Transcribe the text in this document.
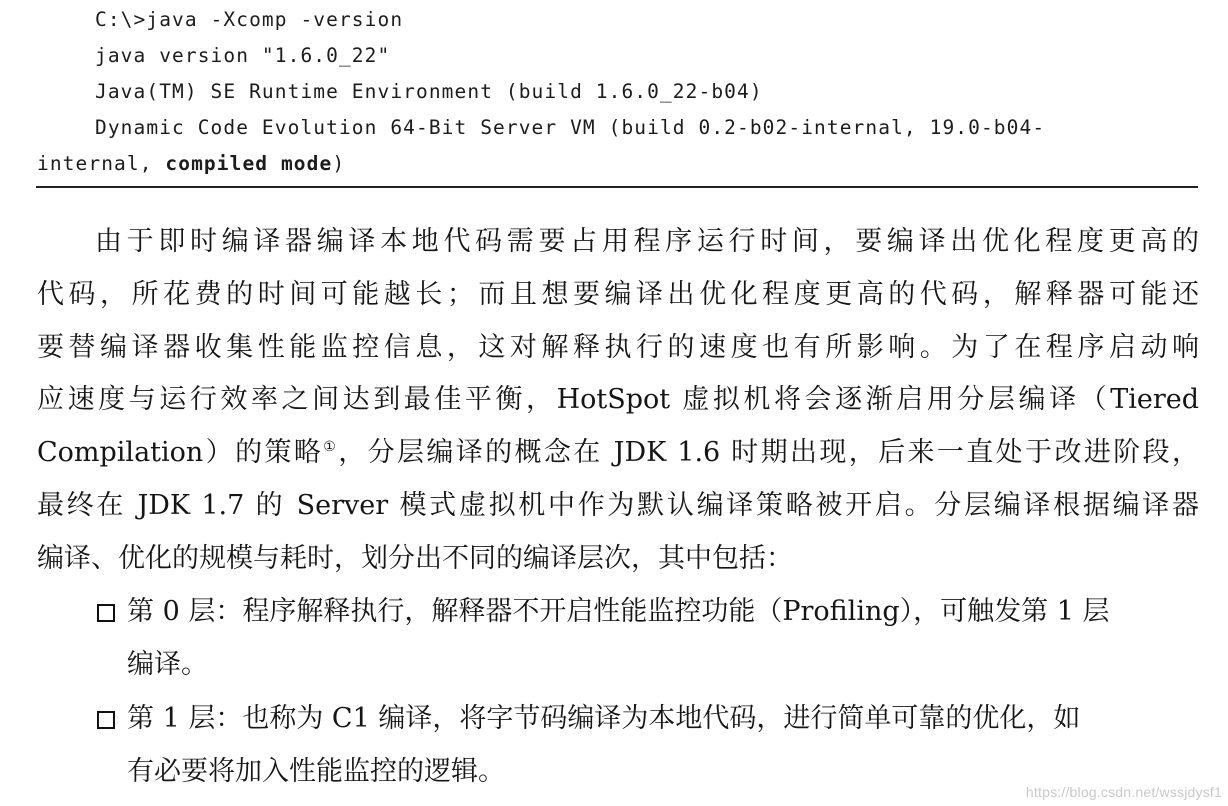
C:\>java -Xcomp -version
java version "1.6.0_22"
Java(TM) SE Runtime Environment (build 1.6.0_22-b04)
Dynamic Code Evolution 64-Bit Server VM (build 0.2-b02-internal, 19.0-b04-
internal, compiled mode)
由于即时编译器编译本地代码需要占用程序运行时间，要编译出优化程度更高的
代码，所花费的时间可能越长；而且想要编译出优化程度更高的代码，解释器可能还
要替编译器收集性能监控信息，这对解释执行的速度也有所影响。为了在程序启动响
应速度与运行效率之间达到最佳平衡，HotSpot 虚拟机将会逐渐启用分层编译（Tiered
Compilation）的策略①，分层编译的概念在 JDK 1.6 时期出现，后来一直处于改进阶段，
最终在 JDK 1.7 的 Server 模式虚拟机中作为默认编译策略被开启。分层编译根据编译器
编译、优化的规模与耗时，划分出不同的编译层次，其中包括：
第 0 层：程序解释执行，解释器不开启性能监控功能（Profiling），可触发第 1 层
编译。
第 1 层：也称为 C1 编译，将字节码编译为本地代码，进行简单可靠的优化，如
有必要将加入性能监控的逻辑。
https://blog.csdn.net/wssjdysf1
